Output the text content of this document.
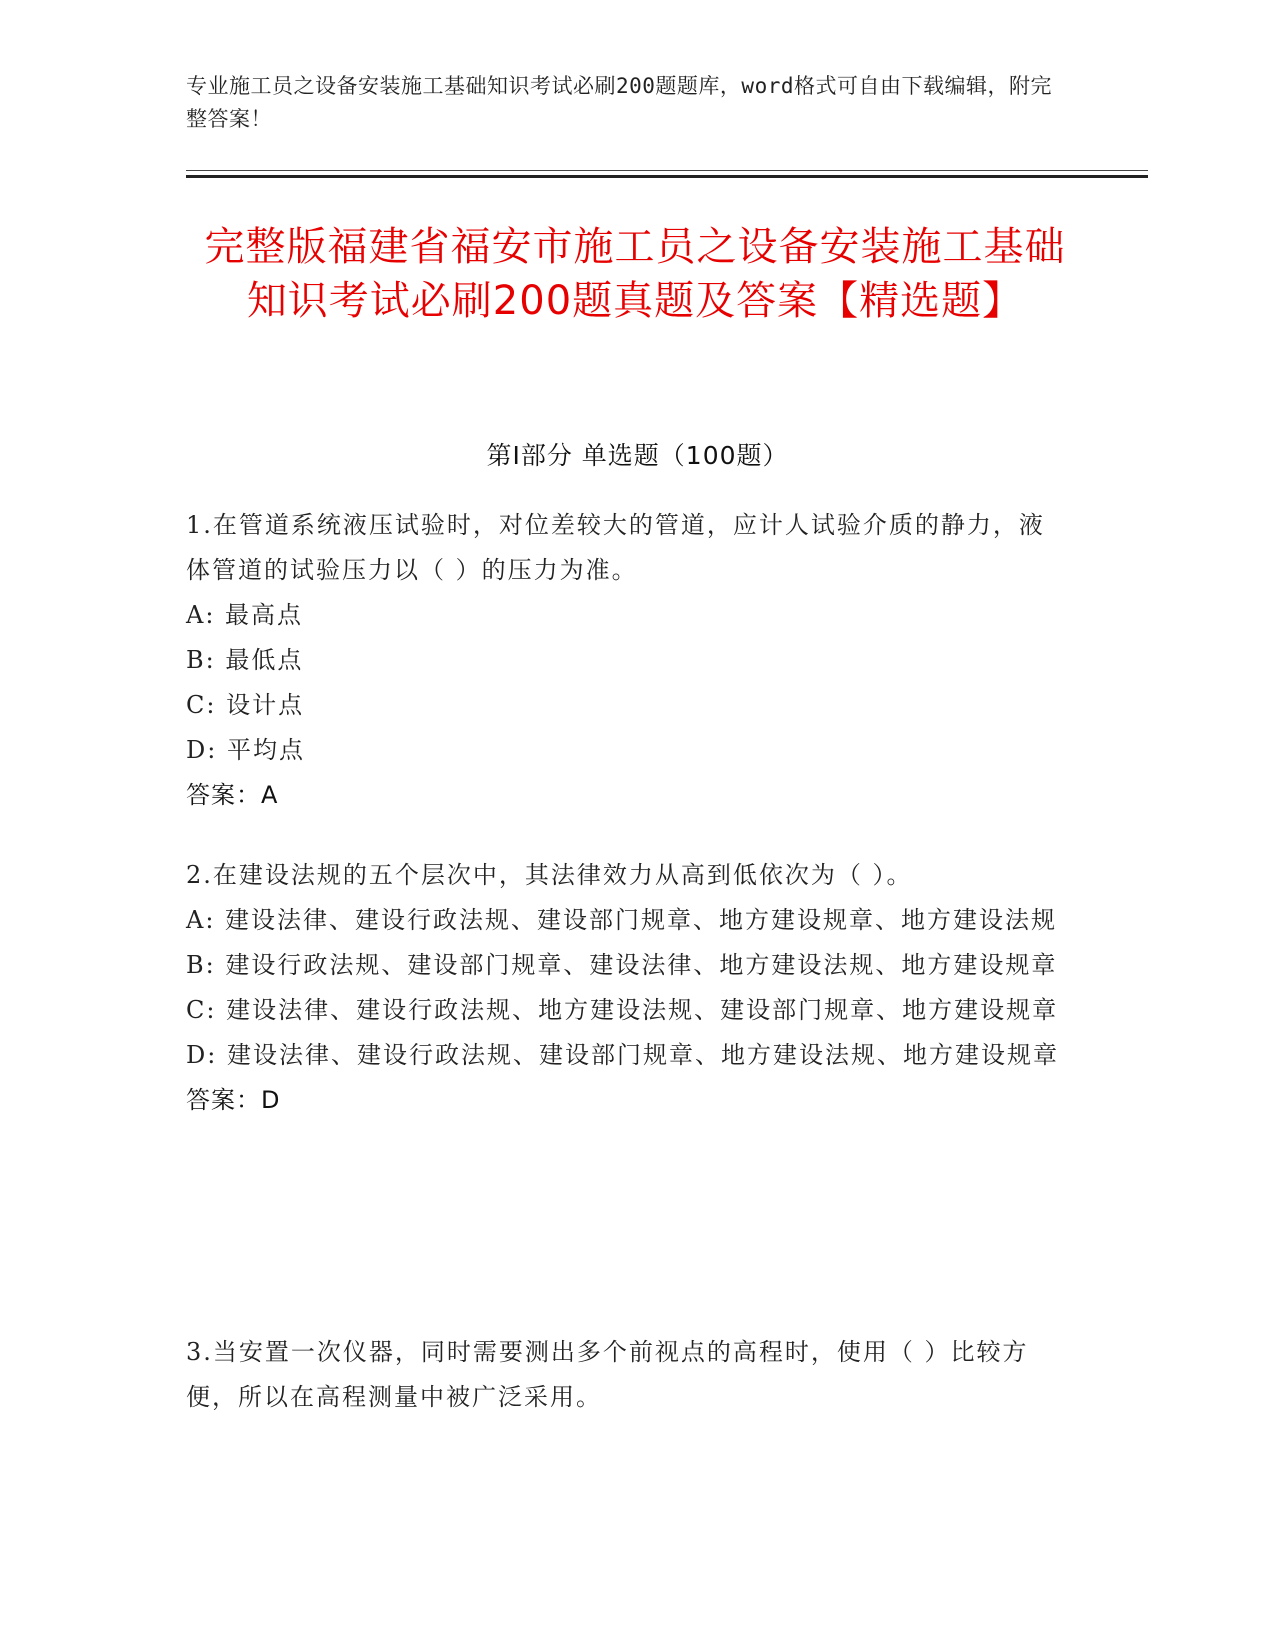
专业施工员之设备安装施工基础知识考试必刷200题题库，word格式可自由下载编辑，附完整答案！
完整版福建省福安市施工员之设备安装施工基础知识考试必刷200题真题及答案【精选题】
第Ⅰ部分 单选题（100题）
1.在管道系统液压试验时，对位差较大的管道，应计人试验介质的静力，液体管道的试验压力以（ ）的压力为准。
A: 最高点
B: 最低点
C: 设计点
D: 平均点
答案：A
2.在建设法规的五个层次中，其法律效力从高到低依次为（ ）。
A: 建设法律、建设行政法规、建设部门规章、地方建设规章、地方建设法规
B: 建设行政法规、建设部门规章、建设法律、地方建设法规、地方建设规章
C: 建设法律、建设行政法规、地方建设法规、建设部门规章、地方建设规章
D: 建设法律、建设行政法规、建设部门规章、地方建设法规、地方建设规章
答案：D
3.当安置一次仪器，同时需要测出多个前视点的高程时，使用（ ）比较方便，所以在高程测量中被广泛采用。
